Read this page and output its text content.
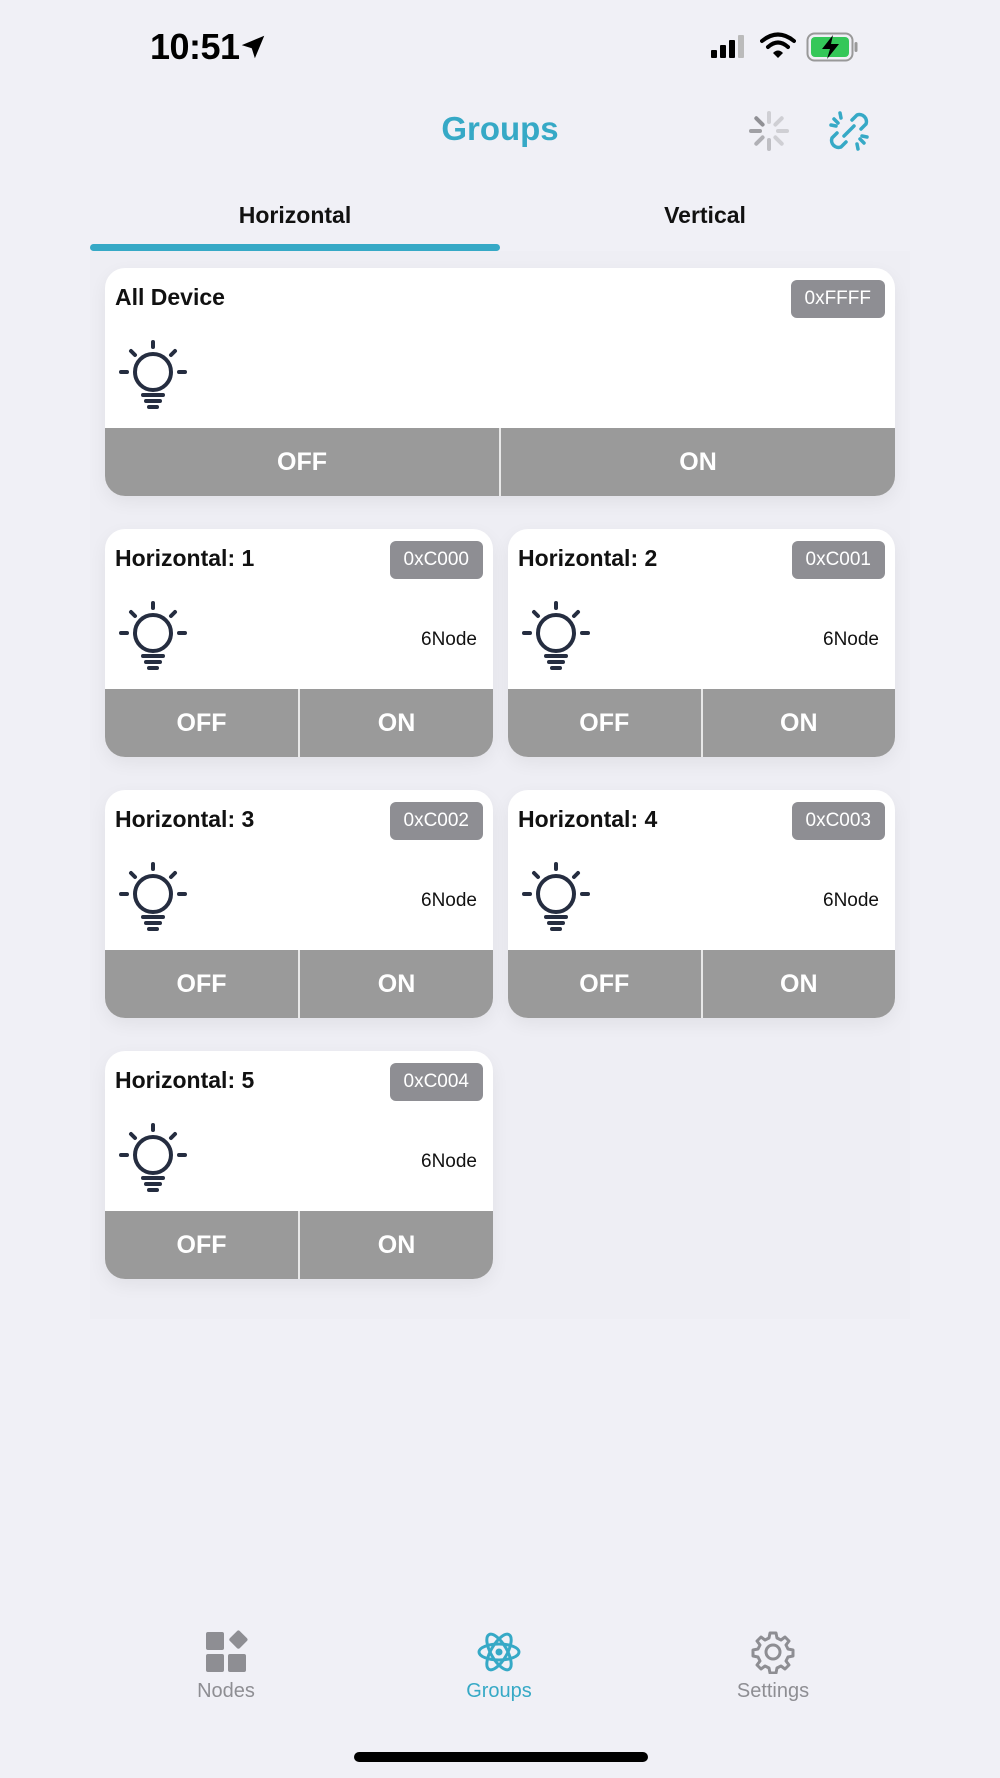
10:51
Groups
Horizontal	Vertical
All Device	0xFFFF
OFF	ON
Horizontal: 1	0xC000
6Node
OFF	ON
Horizontal: 2	0xC001
6Node
OFF	ON
Horizontal: 3	0xC002
6Node
OFF	ON
Horizontal: 4	0xC003
6Node
OFF	ON
Horizontal: 5	0xC004
6Node
OFF	ON
Nodes	Groups	Settings
